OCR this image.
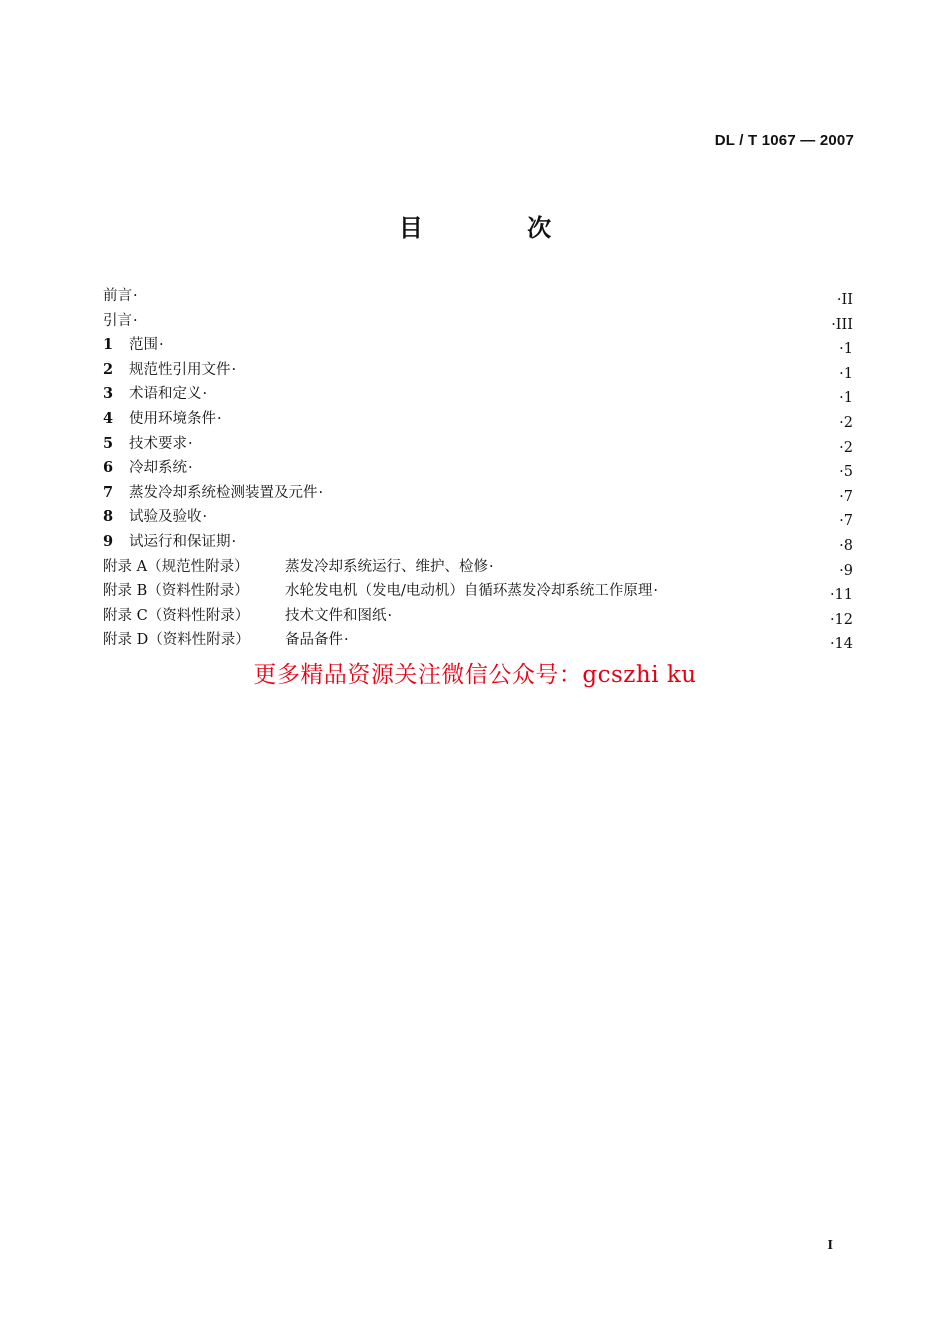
DL / T 1067 — 2007
目 次
前言·	·II
引言·	·III
1 范围·	·1
2 规范性引用文件·	·1
3 术语和定义·	·1
4 使用环境条件·	·2
5 技术要求·	·2
6 冷却系统·	·5
7 蒸发冷却系统检测装置及元件·	·7
8 试验及验收·	·7
9 试运行和保证期·	·8
附录 A（规范性附录）	蒸发冷却系统运行、维护、检修·	·9
附录 B（资料性附录） 水轮发电机（发电/电动机）自循环蒸发冷却系统工作原理·	·11
附录 C（资料性附录） 技术文件和图纸·	·12
附录 D（资料性附录） 备品备件·	·14
更多精品资源关注微信公众号：gcszhi ku
I
